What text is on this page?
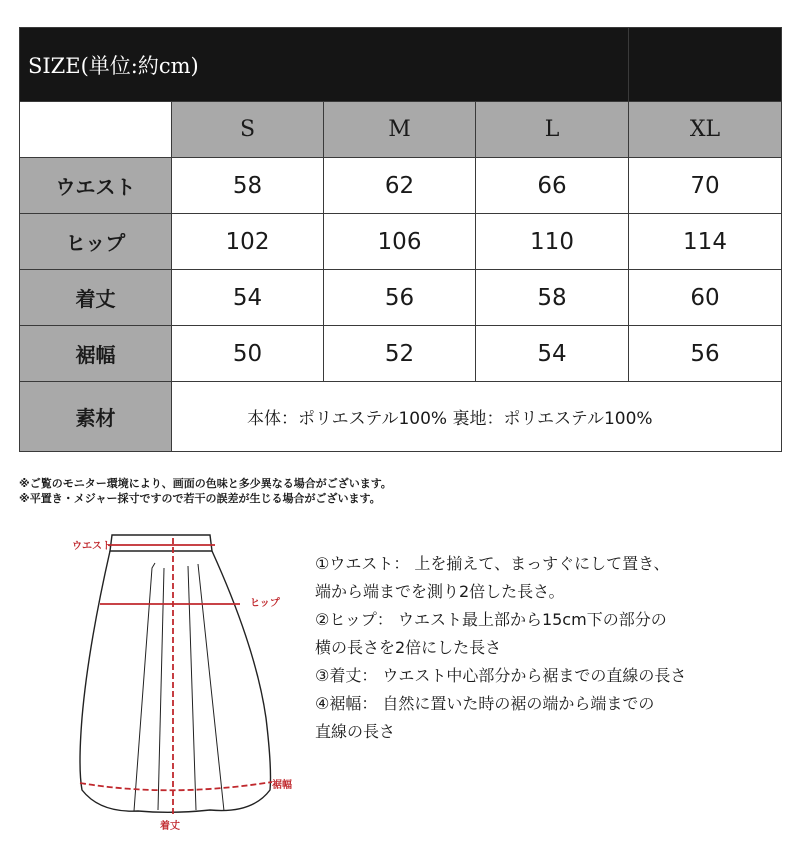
SIZE(単位:約cm)				
	S	M	L	XL
ウエスト	58	62	66	70
ヒップ	102	106	110	114
着丈	54	56	58	60
裾幅	50	52	54	56
素材	本体：ポリエステル100% 裏地：ポリエステル100%			
※ご覧のモニター環境により、画面の色味と多少異なる場合がございます。
※平置き・メジャー採寸ですので若干の誤差が生じる場合がございます。
ウエスト
ヒップ
裾幅
着丈
①ウエスト： 上を揃えて、まっすぐにして置き、
端から端までを測り2倍した長さ。
②ヒップ： ウエスト最上部から15cm下の部分の
横の長さを2倍にした長さ
③着丈： ウエスト中心部分から裾までの直線の長さ
④裾幅： 自然に置いた時の裾の端から端までの
直線の長さ
